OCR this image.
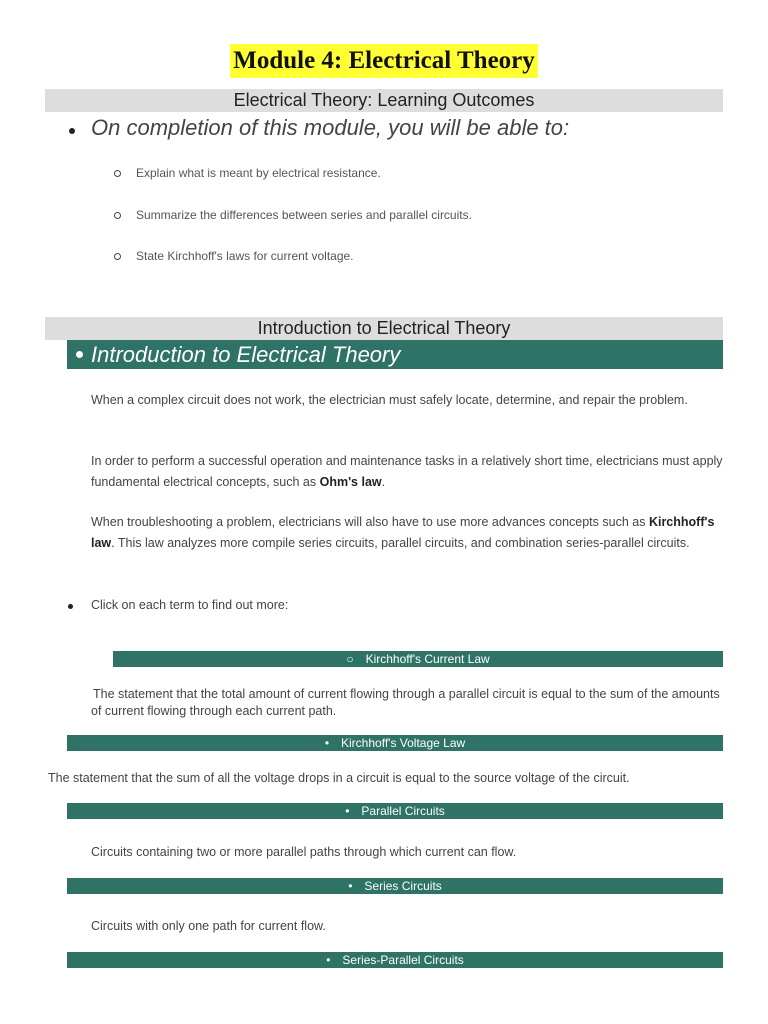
Module 4: Electrical Theory
Electrical Theory: Learning Outcomes
On completion of this module, you will be able to:
Explain what is meant by electrical resistance.
Summarize the differences between series and parallel circuits.
State Kirchhoff's laws for current voltage.
Introduction to Electrical Theory
Introduction to Electrical Theory
When a complex circuit does not work, the electrician must safely locate, determine, and repair the problem.
In order to perform a successful operation and maintenance tasks in a relatively short time, electricians must apply fundamental electrical concepts, such as Ohm's law.
When troubleshooting a problem, electricians will also have to use more advances concepts such as Kirchhoff's law. This law analyzes more compile series circuits, parallel circuits, and combination series-parallel circuits.
Click on each term to find out more:
○ Kirchhoff's Current Law
The statement that the total amount of current flowing through a parallel circuit is equal to the sum of the amounts of current flowing through each current path.
• Kirchhoff's Voltage Law
The statement that the sum of all the voltage drops in a circuit is equal to the source voltage of the circuit.
• Parallel Circuits
Circuits containing two or more parallel paths through which current can flow.
• Series Circuits
Circuits with only one path for current flow.
• Series-Parallel Circuits
